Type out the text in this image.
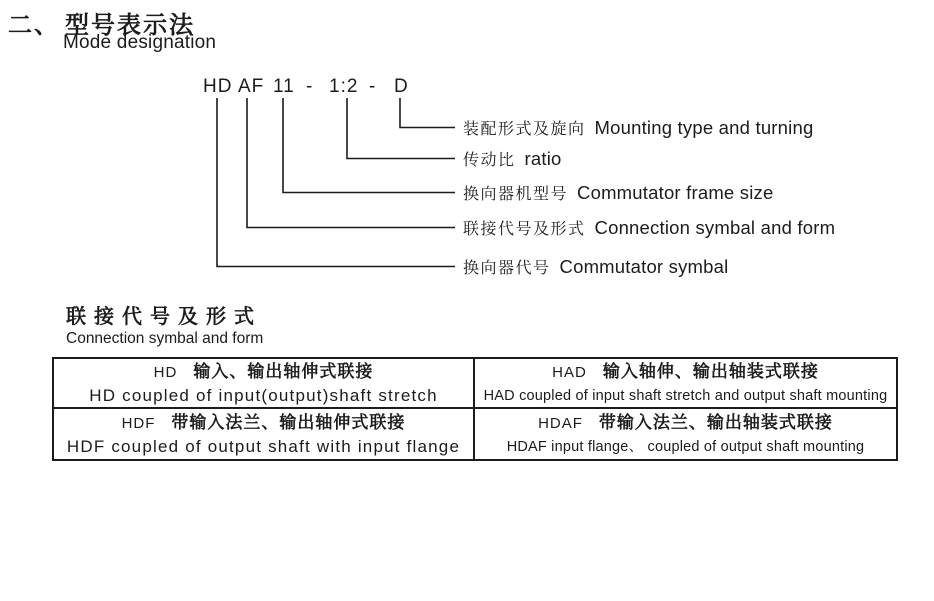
二、 型号表示法
Mode designation
HD AF 11 - 1:2 - D
装配形式及旋向 Mounting type and turning
传动比 ratio
换向器机型号 Commutator frame size
联接代号及形式 Connection symbal and form
换向器代号 Commutator symbal
联接代号及形式
Connection symbal and form
HD 输入、输出轴伸式联接
HD coupled of input(output)shaft stretch
HAD 输入轴伸、输出轴装式联接
HAD coupled of input shaft stretch and output shaft mounting
HDF 带输入法兰、输出轴伸式联接
HDF coupled of output shaft with input flange
HDAF 带输入法兰、输出轴装式联接
HDAF input flange、 coupled of output shaft mounting
